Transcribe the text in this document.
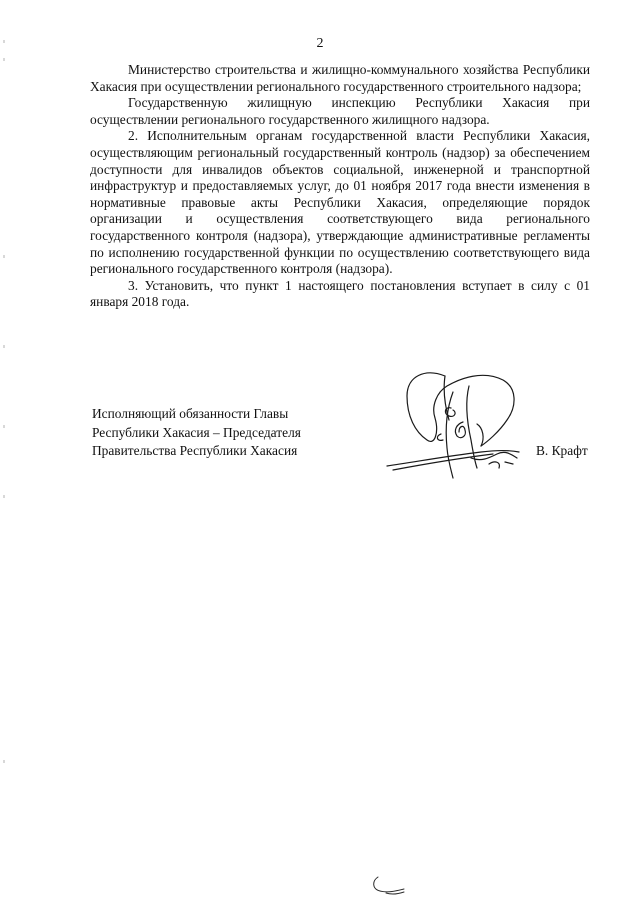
2

Министерство строительства и жилищно-коммунального хозяйства Республики Хакасия при осуществлении регионального государственного строительного надзора;

Государственную жилищную инспекцию Республики Хакасия при осуществлении регионального государственного жилищного надзора.

2. Исполнительным органам государственной власти Республики Хакасия, осуществляющим региональный государственный контроль (надзор) за обеспечением доступности для инвалидов объектов социальной, инженерной и транспортной инфраструктур и предоставляемых услуг, до 01 ноября 2017 года внести изменения в нормативные правовые акты Республики Хакасия, определяющие порядок организации и осуществления соответствующего вида регионального государственного контроля (надзора), утверждающие административные регламенты по исполнению государственной функции по осуществлению соответствующего вида регионального государственного контроля (надзора).

3. Установить, что пункт 1 настоящего постановления вступает в силу с 01 января 2018 года.

Исполняющий обязанности Главы
Республики Хакасия – Председателя
Правительства Республики Хакасия	В. Крафт
